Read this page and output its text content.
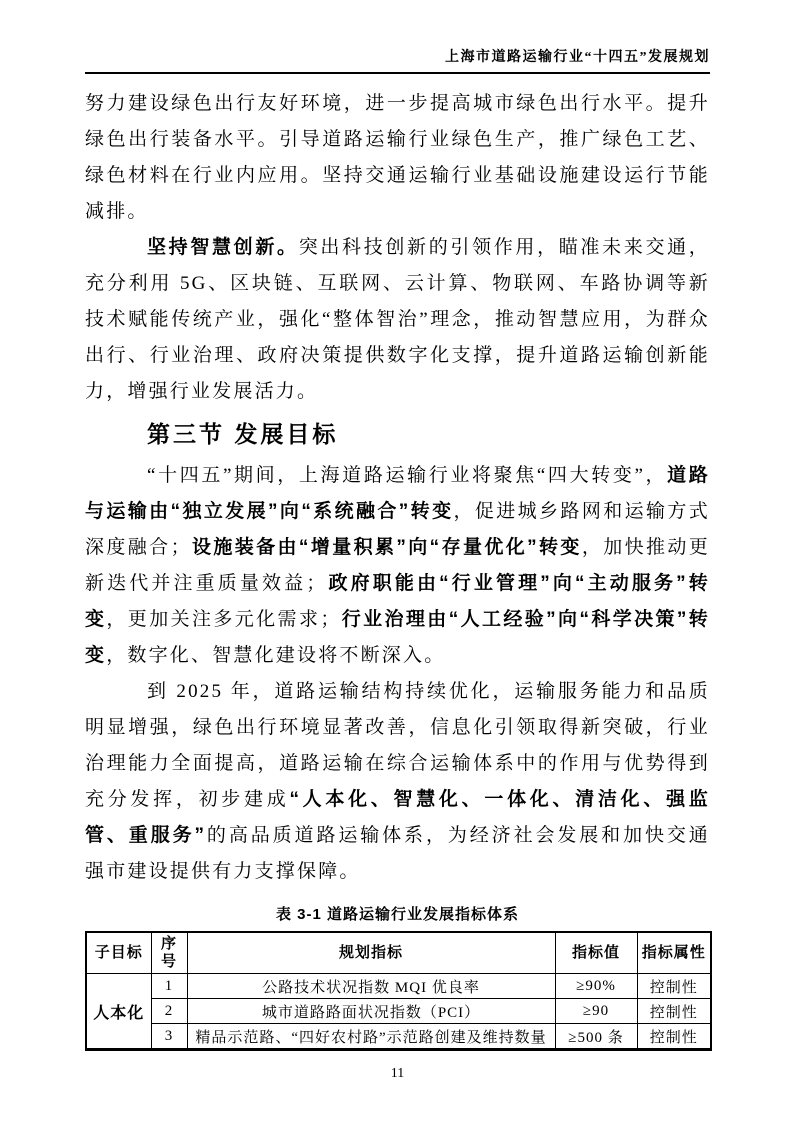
上海市道路运输行业“十四五”发展规划

努力建设绿色出行友好环境，进一步提高城市绿色出行水平。提升绿色出行装备水平。引导道路运输行业绿色生产，推广绿色工艺、绿色材料在行业内应用。坚持交通运输行业基础设施建设运行节能减排。

坚持智慧创新。突出科技创新的引领作用，瞄准未来交通，充分利用 5G、区块链、互联网、云计算、物联网、车路协调等新技术赋能传统产业，强化“整体智治”理念，推动智慧应用，为群众出行、行业治理、政府决策提供数字化支撑，提升道路运输创新能力，增强行业发展活力。

第三节 发展目标

“十四五”期间，上海道路运输行业将聚焦“四大转变”，道路与运输由“独立发展”向“系统融合”转变，促进城乡路网和运输方式深度融合；设施装备由“增量积累”向“存量优化”转变，加快推动更新迭代并注重质量效益；政府职能由“行业管理”向“主动服务”转变，更加关注多元化需求；行业治理由“人工经验”向“科学决策”转变，数字化、智慧化建设将不断深入。

到 2025 年，道路运输结构持续优化，运输服务能力和品质明显增强，绿色出行环境显著改善，信息化引领取得新突破，行业治理能力全面提高，道路运输在综合运输体系中的作用与优势得到充分发挥，初步建成“人本化、智慧化、一体化、清洁化、强监管、重服务”的高品质道路运输体系，为经济社会发展和加快交通强市建设提供有力支撑保障。

表 3-1 道路运输行业发展指标体系
子目标	序号	规划指标	指标值	指标属性
人本化	1	公路技术状况指数 MQI 优良率	≥90%	控制性
	2	城市道路路面状况指数（PCI）	≥90	控制性
	3	精品示范路、“四好农村路”示范路创建及维持数量	≥500 条	控制性
11
